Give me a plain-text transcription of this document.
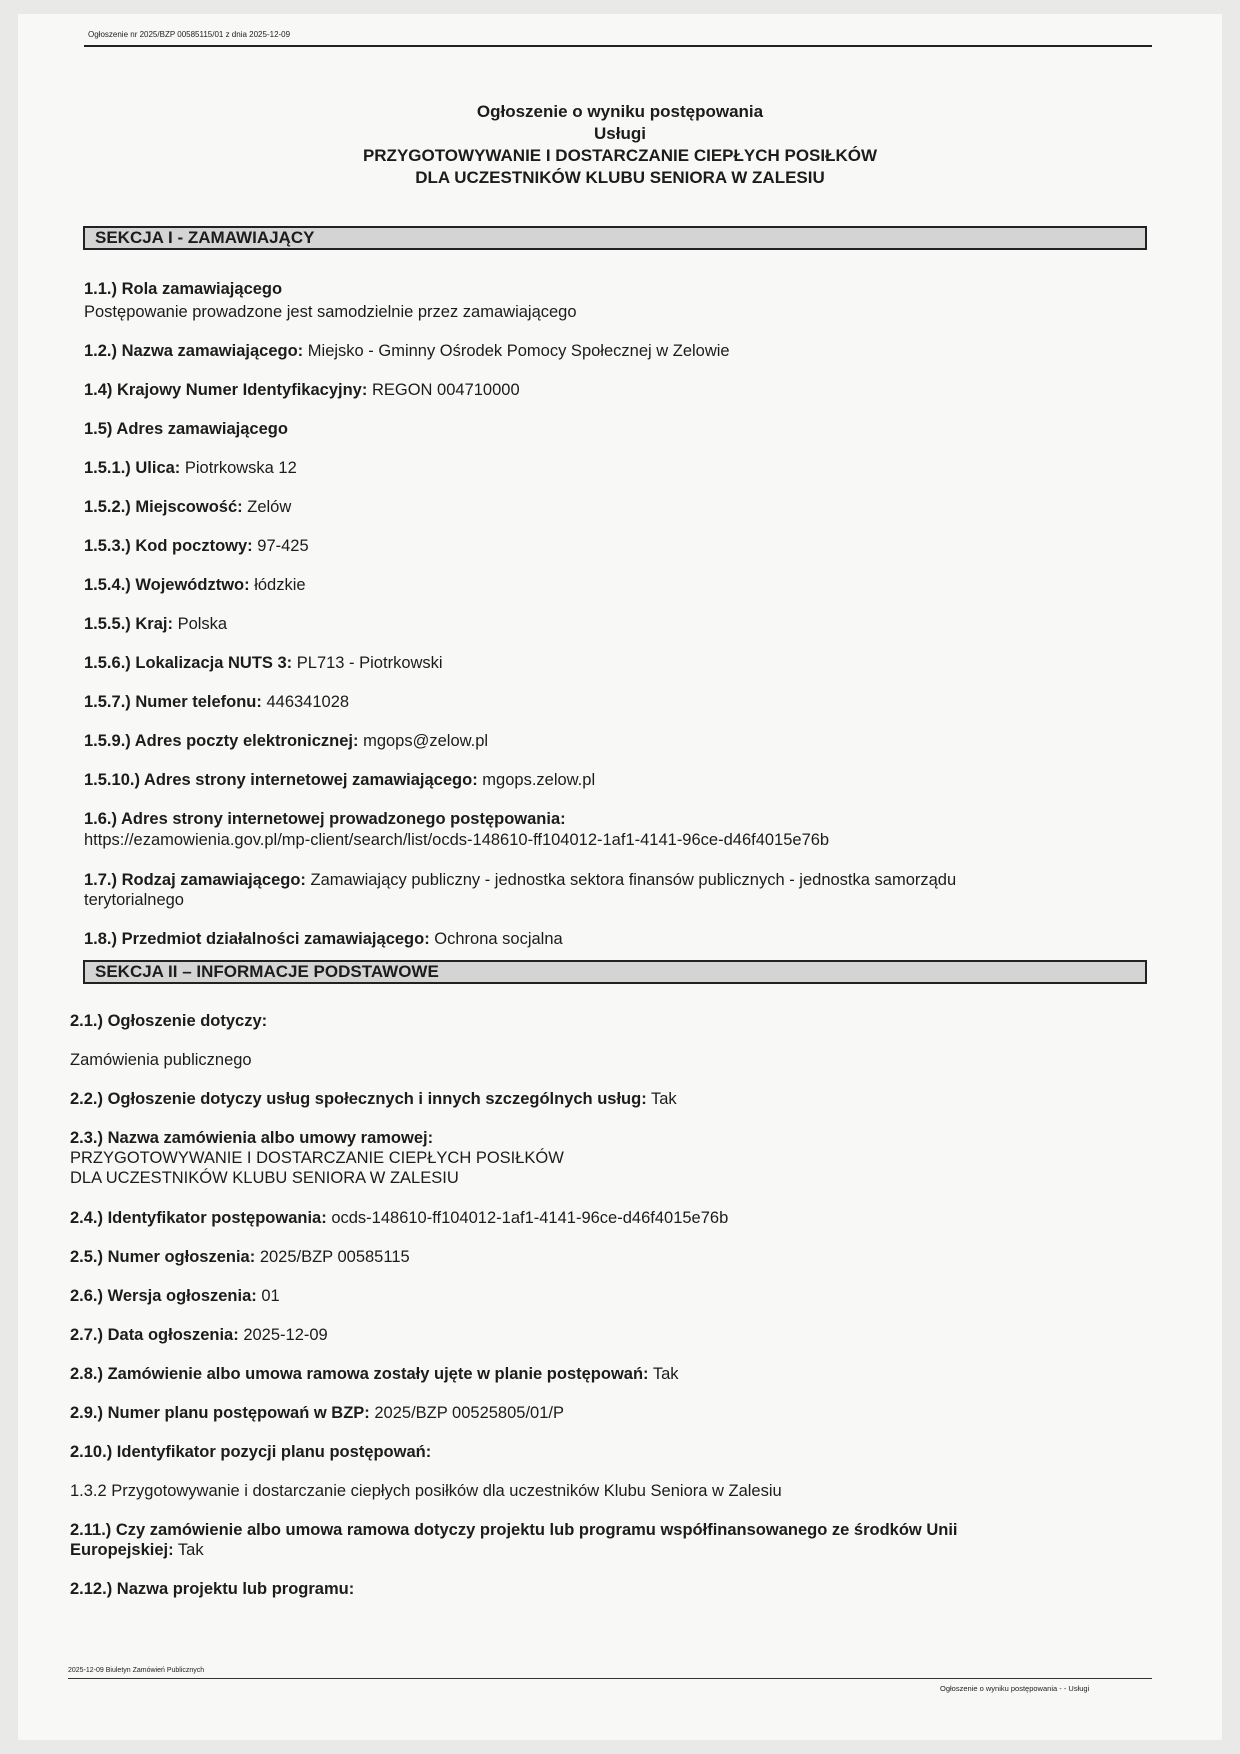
Ogłoszenie nr 2025/BZP 00585115/01 z dnia 2025-12-09
Ogłoszenie o wyniku postępowania
Usługi
PRZYGOTOWYWANIE I DOSTARCZANIE CIEPŁYCH POSIŁKÓW
DLA UCZESTNIKÓW KLUBU SENIORA W ZALESIU
SEKCJA I - ZAMAWIAJĄCY
1.1.) Rola zamawiającego
Postępowanie prowadzone jest samodzielnie przez zamawiającego
1.2.) Nazwa zamawiającego: Miejsko - Gminny Ośrodek Pomocy Społecznej w Zelowie
1.4) Krajowy Numer Identyfikacyjny: REGON 004710000
1.5) Adres zamawiającego
1.5.1.) Ulica: Piotrkowska 12
1.5.2.) Miejscowość: Zelów
1.5.3.) Kod pocztowy: 97-425
1.5.4.) Województwo: łódzkie
1.5.5.) Kraj: Polska
1.5.6.) Lokalizacja NUTS 3: PL713 - Piotrkowski
1.5.7.) Numer telefonu: 446341028
1.5.9.) Adres poczty elektronicznej: mgops@zelow.pl
1.5.10.) Adres strony internetowej zamawiającego: mgops.zelow.pl
1.6.) Adres strony internetowej prowadzonego postępowania:
https://ezamowienia.gov.pl/mp-client/search/list/ocds-148610-ff104012-1af1-4141-96ce-d46f4015e76b
1.7.) Rodzaj zamawiającego: Zamawiający publiczny - jednostka sektora finansów publicznych - jednostka samorządu
terytorialnego
1.8.) Przedmiot działalności zamawiającego: Ochrona socjalna
SEKCJA II – INFORMACJE PODSTAWOWE
2.1.) Ogłoszenie dotyczy:
Zamówienia publicznego
2.2.) Ogłoszenie dotyczy usług społecznych i innych szczególnych usług: Tak
2.3.) Nazwa zamówienia albo umowy ramowej:
PRZYGOTOWYWANIE I DOSTARCZANIE CIEPŁYCH POSIŁKÓW
DLA UCZESTNIKÓW KLUBU SENIORA W ZALESIU
2.4.) Identyfikator postępowania: ocds-148610-ff104012-1af1-4141-96ce-d46f4015e76b
2.5.) Numer ogłoszenia: 2025/BZP 00585115
2.6.) Wersja ogłoszenia: 01
2.7.) Data ogłoszenia: 2025-12-09
2.8.) Zamówienie albo umowa ramowa zostały ujęte w planie postępowań: Tak
2.9.) Numer planu postępowań w BZP: 2025/BZP 00525805/01/P
2.10.) Identyfikator pozycji planu postępowań:
1.3.2 Przygotowywanie i dostarczanie ciepłych posiłków dla uczestników Klubu Seniora w Zalesiu
2.11.) Czy zamówienie albo umowa ramowa dotyczy projektu lub programu współfinansowanego ze środków Unii
Europejskiej: Tak
2.12.) Nazwa projektu lub programu:
2025-12-09 Biuletyn Zamówień Publicznych
Ogłoszenie o wyniku postępowania - - Usługi
